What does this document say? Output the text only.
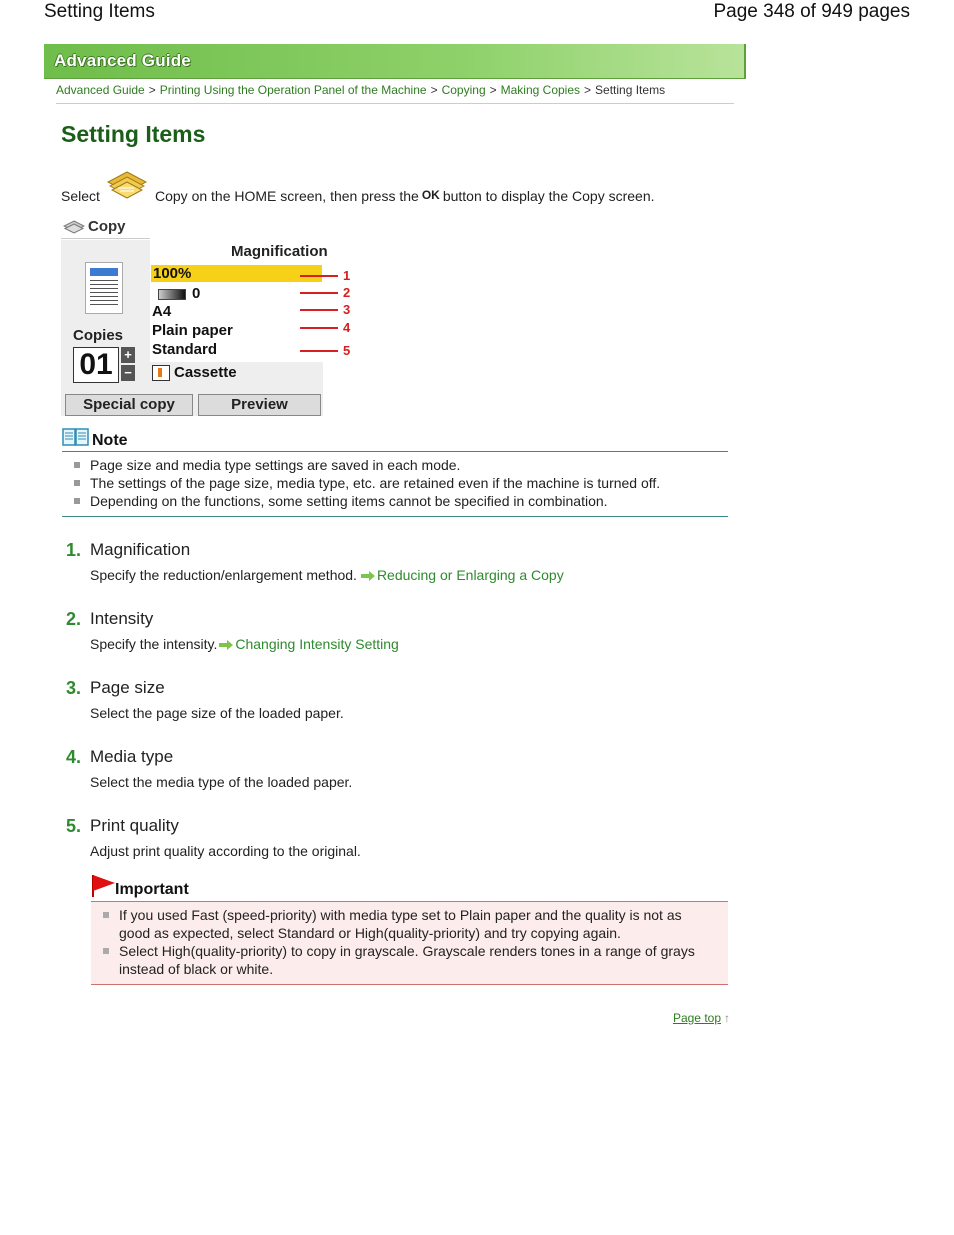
Setting Items	Page 348 of 949 pages
Advanced Guide
Advanced Guide > Printing Using the Operation Panel of the Machine > Copying > Making Copies > Setting Items
Setting Items
Select	Copy on the HOME screen, then press the OK button to display the Copy screen.
Copy
Magnification
100%
0
A4
Plain paper
Standard
Copies
01 +
−	Cassette
Special copy	Preview
1
2
3
4
5
Note
Page size and media type settings are saved in each mode.
The settings of the page size, media type, etc. are retained even if the machine is turned off.
Depending on the functions, some setting items cannot be specified in combination.
1. Magnification
Specify the reduction/enlargement method. Reducing or Enlarging a Copy
2. Intensity
Specify the intensity. Changing Intensity Setting
3. Page size
Select the page size of the loaded paper.
4. Media type
Select the media type of the loaded paper.
5. Print quality
Adjust print quality according to the original.
Important
If you used Fast (speed-priority) with media type set to Plain paper and the quality is not as good as expected, select Standard or High(quality-priority) and try copying again.
Select High(quality-priority) to copy in grayscale. Grayscale renders tones in a range of grays instead of black or white.
Page top ↑
